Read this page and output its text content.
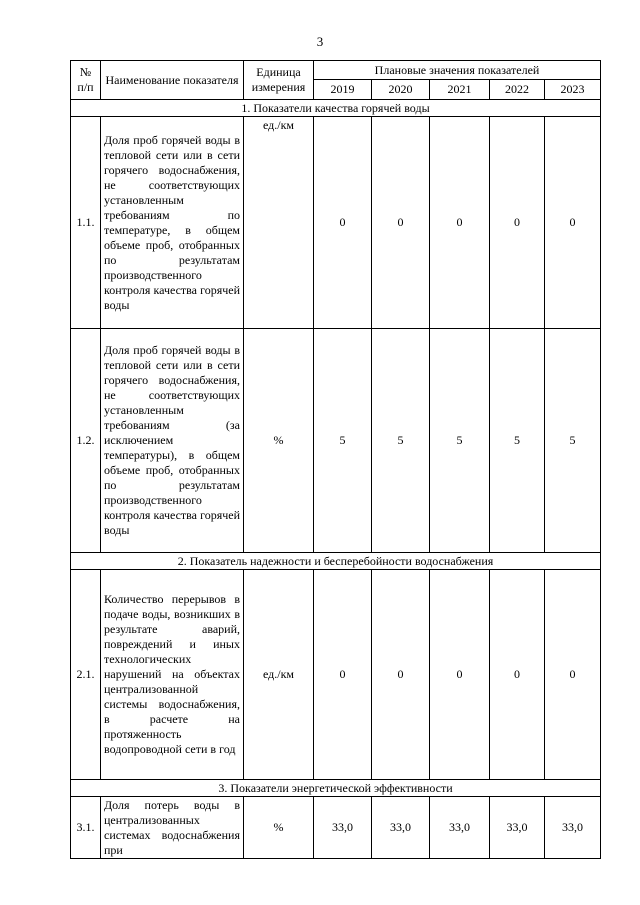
3
№ п/п	Наименование показателя	Единица измерения	Плановые значения показателей				
			2019	2020	2021	2022	2023
1. Показатели качества горячей воды							
1.1.	Доля проб горячей воды в тепловой сети или в сети горячего водоснабжения, не соответствующих установленным требованиям по температуре, в общем объеме проб, отобранных по результатам производственного контроля качества горячей воды	ед./км	0	0	0	0	0
1.2.	Доля проб горячей воды в тепловой сети или в сети горячего водоснабжения, не соответствующих установленным требованиям (за исключением температуры), в общем объеме проб, отобранных по результатам производственного контроля качества горячей воды	%	5	5	5	5	5
2. Показатель надежности и бесперебойности водоснабжения							
2.1.	Количество перерывов в подаче воды, возникших в результате аварий, повреждений и иных технологических нарушений на объектах централизованной системы водоснабжения, в расчете на протяженность водопроводной сети в год	ед./км	0	0	0	0	0
3. Показатели энергетической эффективности							
3.1.	Доля потерь воды в централизованных системах водоснабжения при	%	33,0	33,0	33,0	33,0	33,0
